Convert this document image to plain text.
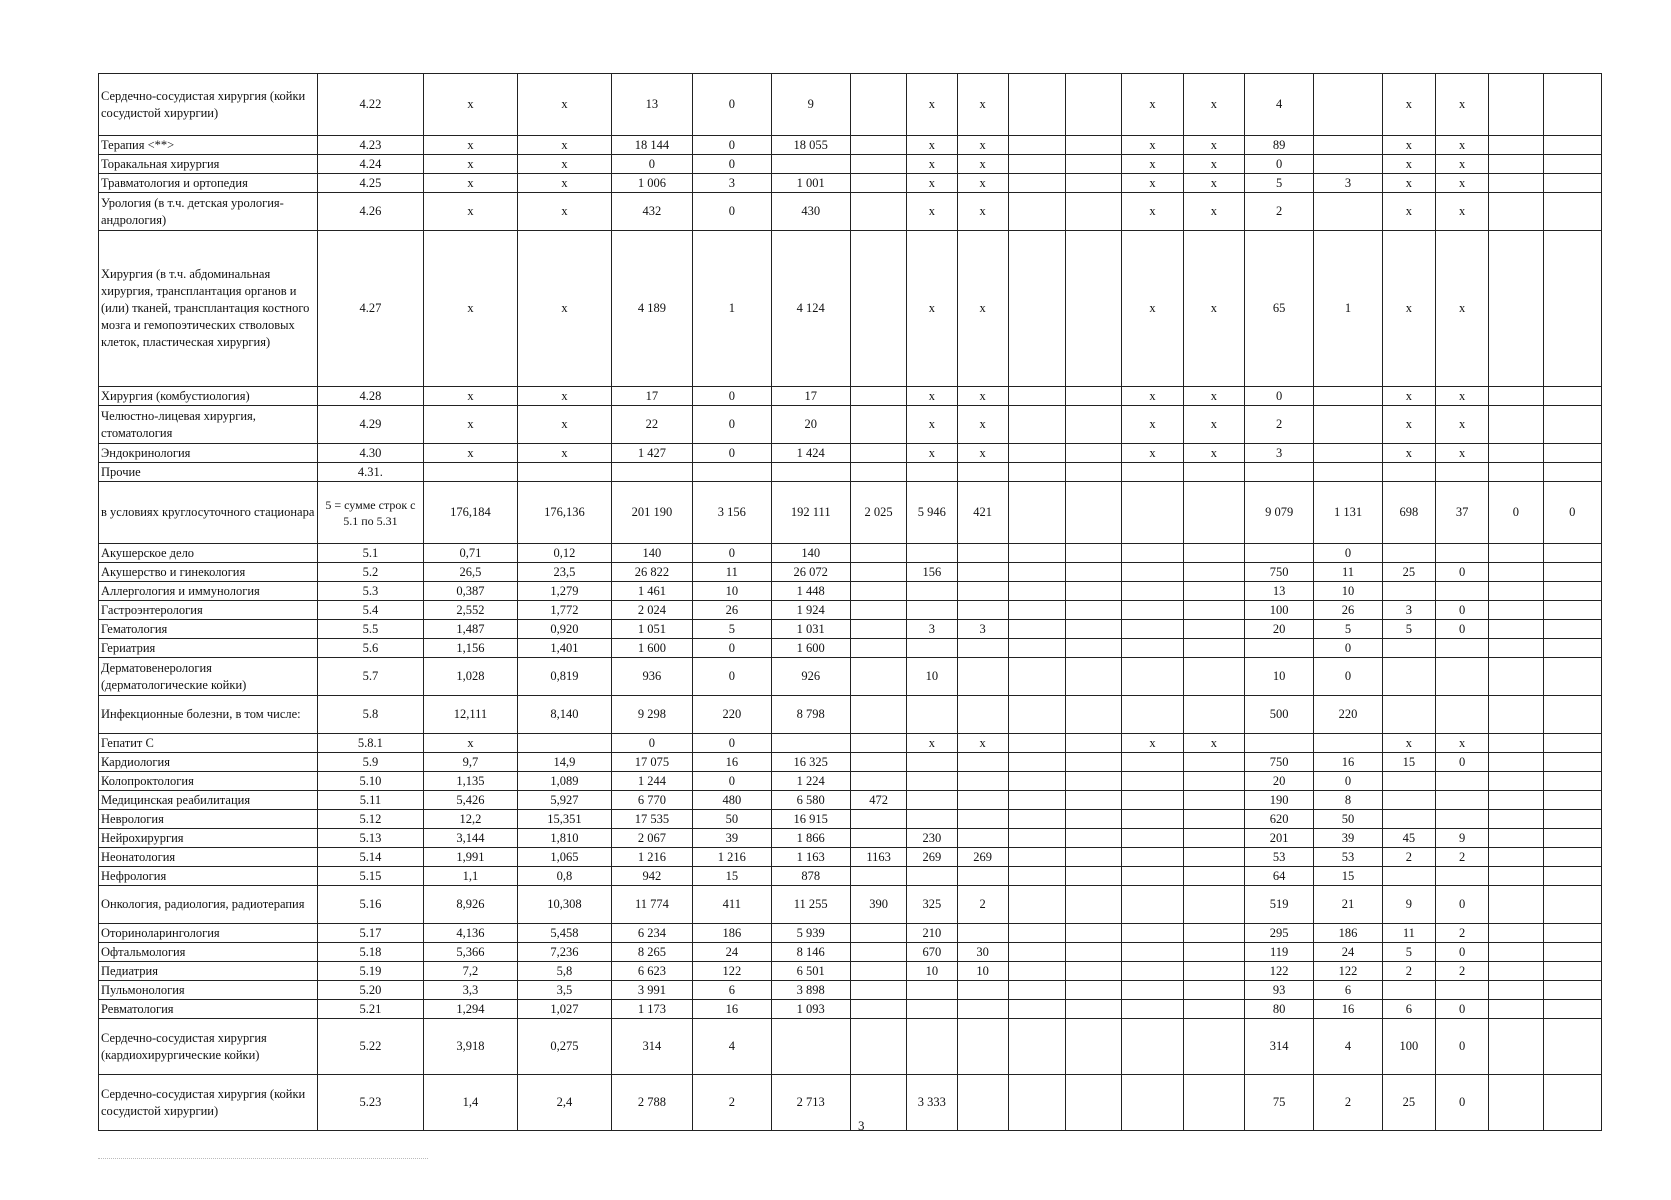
Сердечно-сосудистая хирургия (койки сосудистой хирургии)	4.22	x	x	13	0	9		x	x			x	x	4		x	x		
Терапия <**>	4.23	x	x	18 144	0	18 055		x	x			x	x	89		x	x		
Торакальная хирургия	4.24	x	x	0	0			x	x			x	x	0		x	x		
Травматология и ортопедия	4.25	x	x	1 006	3	1 001		x	x			x	x	5	3	x	x		
Урология (в т.ч. детская урология-андрология)	4.26	x	x	432	0	430		x	x			x	x	2		x	x		
Хирургия (в т.ч. абдоминальная хирургия, трансплантация органов и (или) тканей, трансплантация костного мозга и гемопоэтических стволовых клеток, пластическая хирургия)	4.27	x	x	4 189	1	4 124		x	x			x	x	65	1	x	x		
Хирургия (комбустиология)	4.28	x	x	17	0	17		x	x			x	x	0		x	x		
Челюстно-лицевая хирургия, стоматология	4.29	x	x	22	0	20		x	x			x	x	2		x	x		
Эндокринология	4.30	x	x	1 427	0	1 424		x	x			x	x	3		x	x		
Прочие	4.31.																		
в условиях круглосуточного стационара	5 = сумме строк с 5.1 по 5.31	176,184	176,136	201 190	3 156	192 111	2 025	5 946	421					9 079	1 131	698	37	0	0
Акушерское дело	5.1	0,71	0,12	140	0	140									0				
Акушерство и гинекология	5.2	26,5	23,5	26 822	11	26 072		156						750	11	25	0		
Аллергология и иммунология	5.3	0,387	1,279	1 461	10	1 448								13	10				
Гастроэнтерология	5.4	2,552	1,772	2 024	26	1 924								100	26	3	0		
Гематология	5.5	1,487	0,920	1 051	5	1 031		3	3					20	5	5	0		
Гериатрия	5.6	1,156	1,401	1 600	0	1 600									0				
Дерматовенерология (дерматологические койки)	5.7	1,028	0,819	936	0	926		10						10	0				
Инфекционные болезни, в том числе:	5.8	12,111	8,140	9 298	220	8 798								500	220				
Гепатит С	5.8.1	x		0	0			x	x			x	x			x	x		
Кардиология	5.9	9,7	14,9	17 075	16	16 325								750	16	15	0		
Колопроктология	5.10	1,135	1,089	1 244	0	1 224								20	0				
Медицинская реабилитация	5.11	5,426	5,927	6 770	480	6 580	472							190	8				
Неврология	5.12	12,2	15,351	17 535	50	16 915								620	50				
Нейрохирургия	5.13	3,144	1,810	2 067	39	1 866		230						201	39	45	9		
Неонатология	5.14	1,991	1,065	1 216	1 216	1 163	1163	269	269					53	53	2	2		
Нефрология	5.15	1,1	0,8	942	15	878								64	15				
Онкология, радиология, радиотерапия	5.16	8,926	10,308	11 774	411	11 255	390	325	2					519	21	9	0		
Оториноларингология	5.17	4,136	5,458	6 234	186	5 939		210						295	186	11	2		
Офтальмология	5.18	5,366	7,236	8 265	24	8 146		670	30					119	24	5	0		
Педиатрия	5.19	7,2	5,8	6 623	122	6 501		10	10					122	122	2	2		
Пульмонология	5.20	3,3	3,5	3 991	6	3 898								93	6				
Ревматология	5.21	1,294	1,027	1 173	16	1 093								80	16	6	0		
Сердечно-сосудистая хирургия (кардиохирургические койки)	5.22	3,918	0,275	314	4									314	4	100	0		
Сердечно-сосудистая хирургия (койки сосудистой хирургии)	5.23	1,4	2,4	2 788	2	2 713		3 333						75	2	25	0		
3
